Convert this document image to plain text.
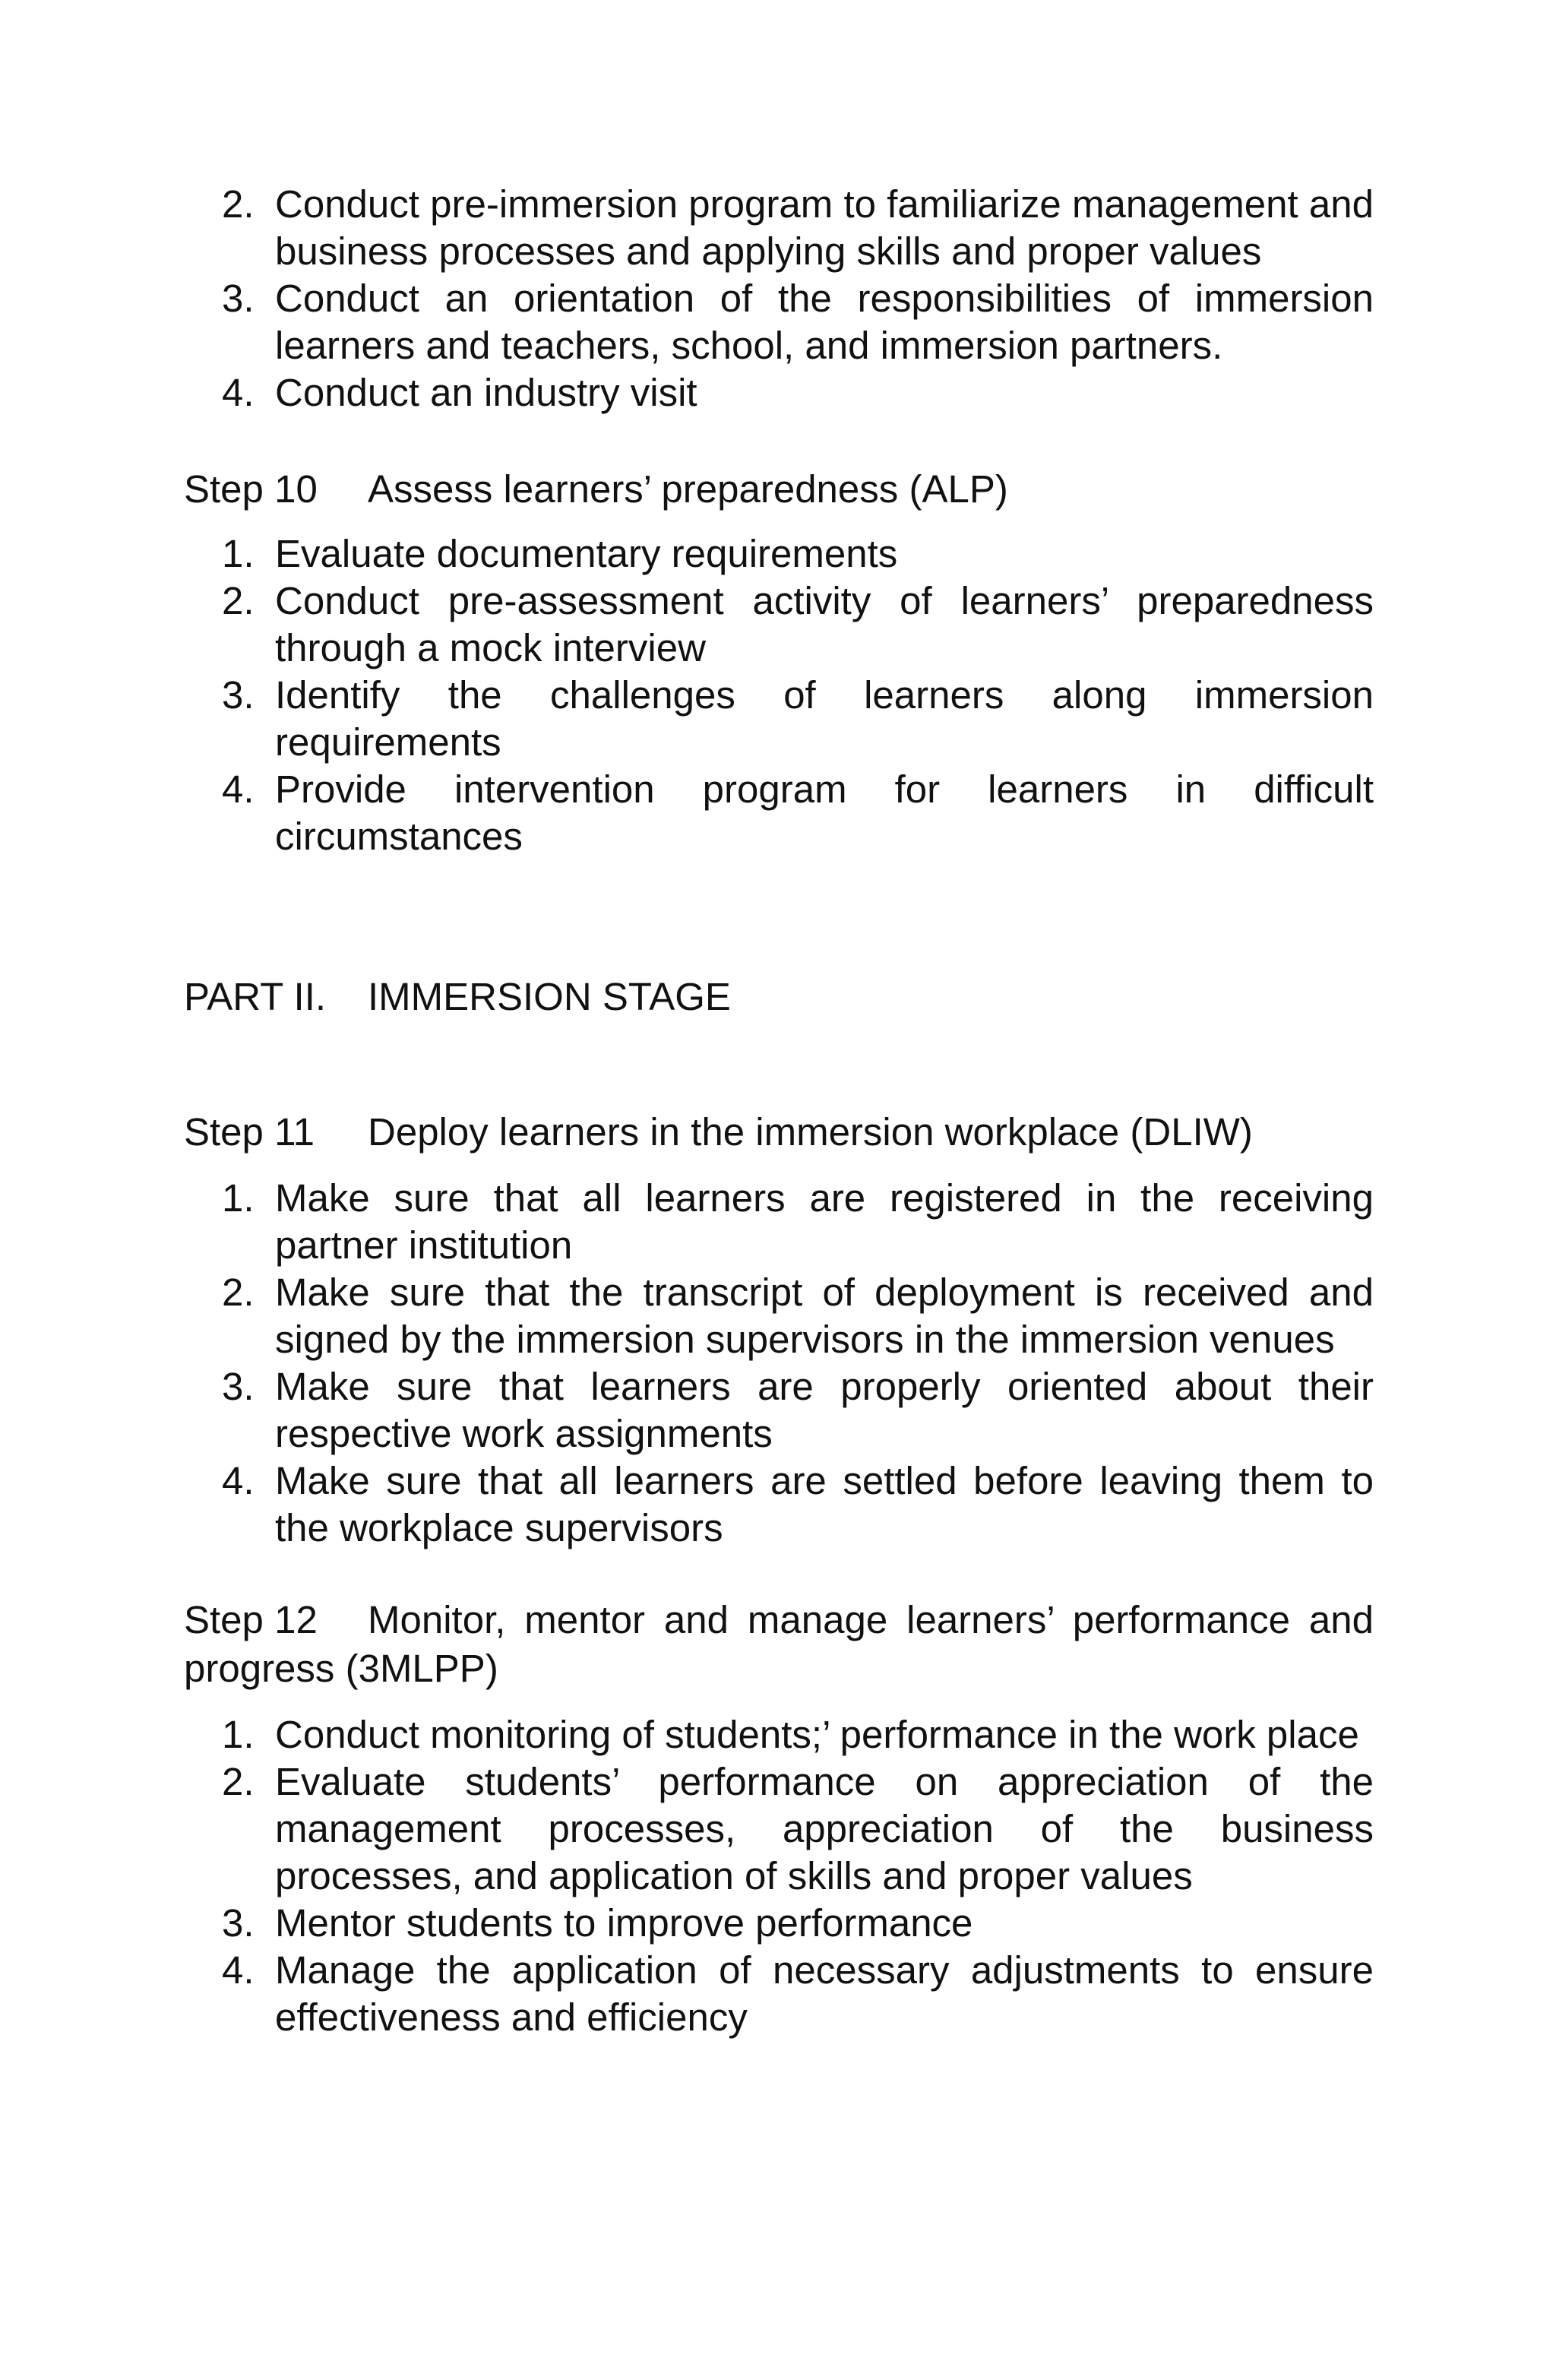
2. Conduct pre-immersion program to familiarize management and business processes and applying skills and proper values
3. Conduct an orientation of the responsibilities of immersion learners and teachers, school, and immersion partners.
4. Conduct an industry visit
Step 10 Assess learners’ preparedness (ALP)
1. Evaluate documentary requirements
2. Conduct pre-assessment activity of learners’ preparedness through a mock interview
3. Identify the challenges of learners along immersion requirements
4. Provide intervention program for learners in difficult circumstances
PART II. IMMERSION STAGE
Step 11 Deploy learners in the immersion workplace (DLIW)
1. Make sure that all learners are registered in the receiving partner institution
2. Make sure that the transcript of deployment is received and signed by the immersion supervisors in the immersion venues
3. Make sure that learners are properly oriented about their respective work assignments
4. Make sure that all learners are settled before leaving them to the workplace supervisors
Step 12 Monitor, mentor and manage learners’ performance and progress (3MLPP)
1. Conduct monitoring of students;’ performance in the work place
2. Evaluate students’ performance on appreciation of the management processes, appreciation of the business processes, and application of skills and proper values
3. Mentor students to improve performance
4. Manage the application of necessary adjustments to ensure effectiveness and efficiency
